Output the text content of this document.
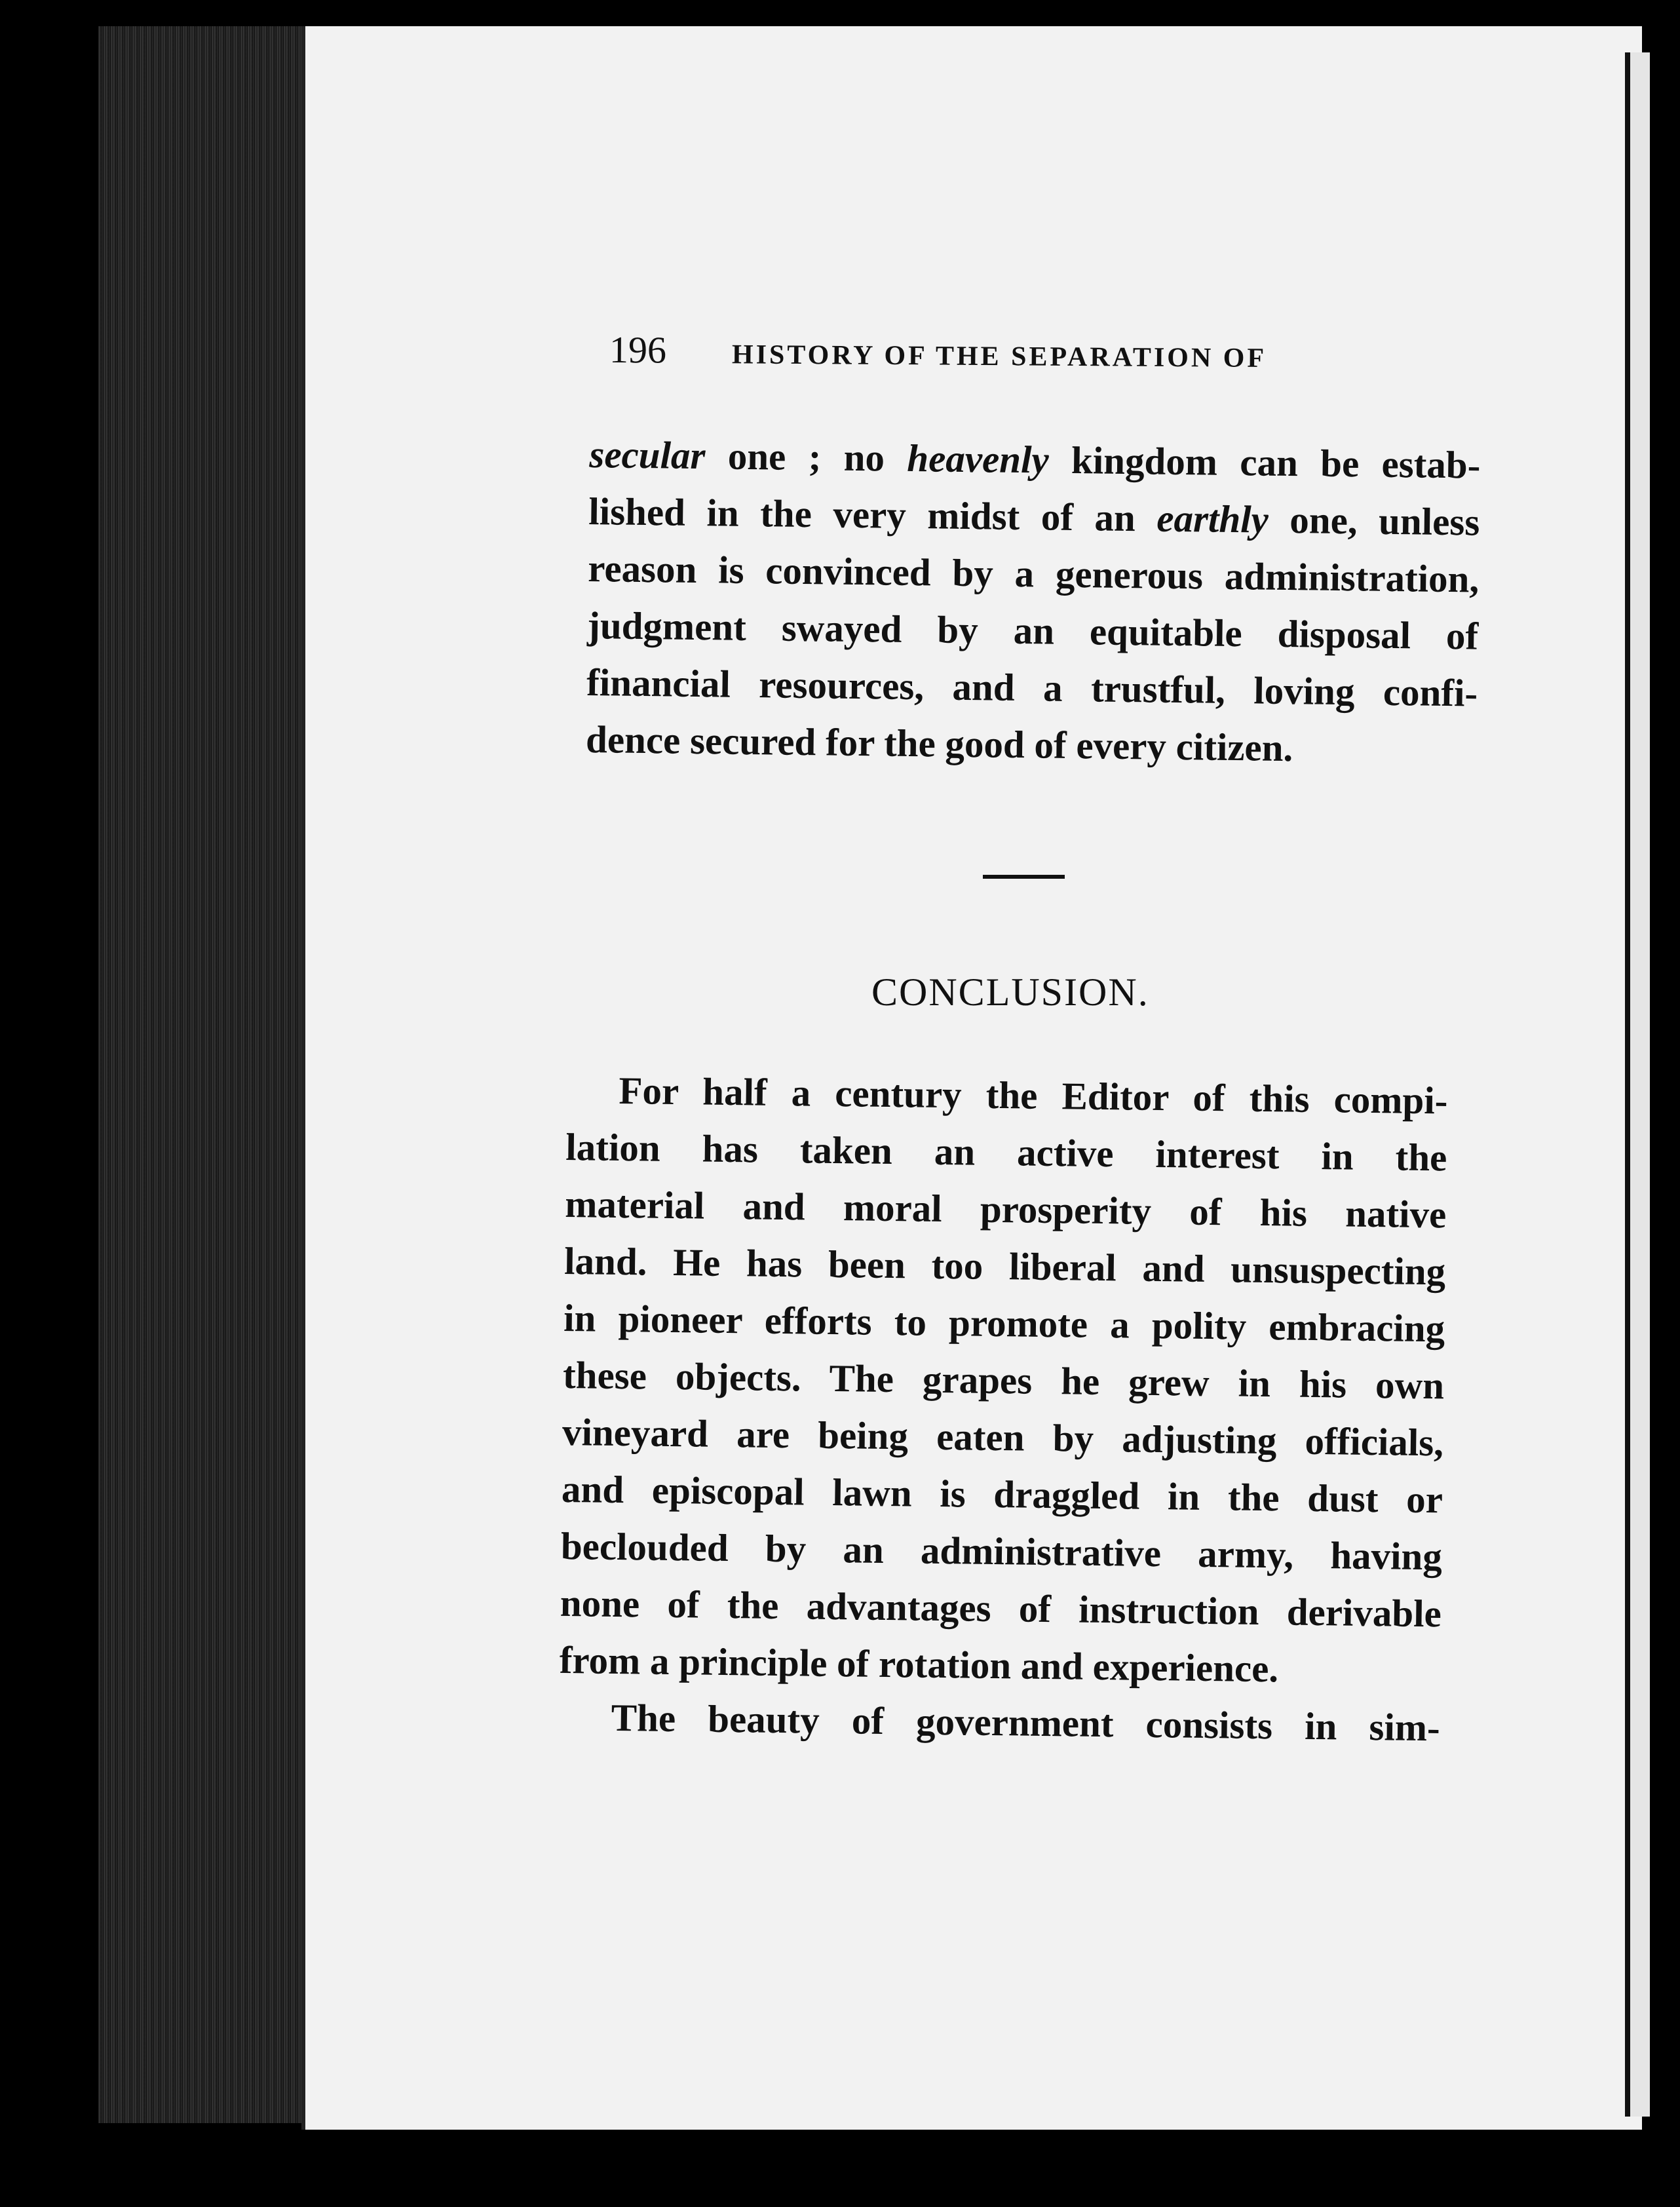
196 HISTORY OF THE SEPARATION OF
secular one ; no heavenly kingdom can be estab-
lished in the very midst of an earthly one, unless
reason is convinced by a generous administration,
judgment swayed by an equitable disposal of
financial resources, and a trustful, loving confi-
dence secured for the good of every citizen.
CONCLUSION.
For half a century the Editor of this compi-
lation has taken an active interest in the
material and moral prosperity of his native
land. He has been too liberal and unsuspecting
in pioneer efforts to promote a polity embracing
these objects. The grapes he grew in his own
vineyard are being eaten by adjusting officials,
and episcopal lawn is draggled in the dust or
beclouded by an administrative army, having
none of the advantages of instruction derivable
from a principle of rotation and experience.
The beauty of government consists in sim-
